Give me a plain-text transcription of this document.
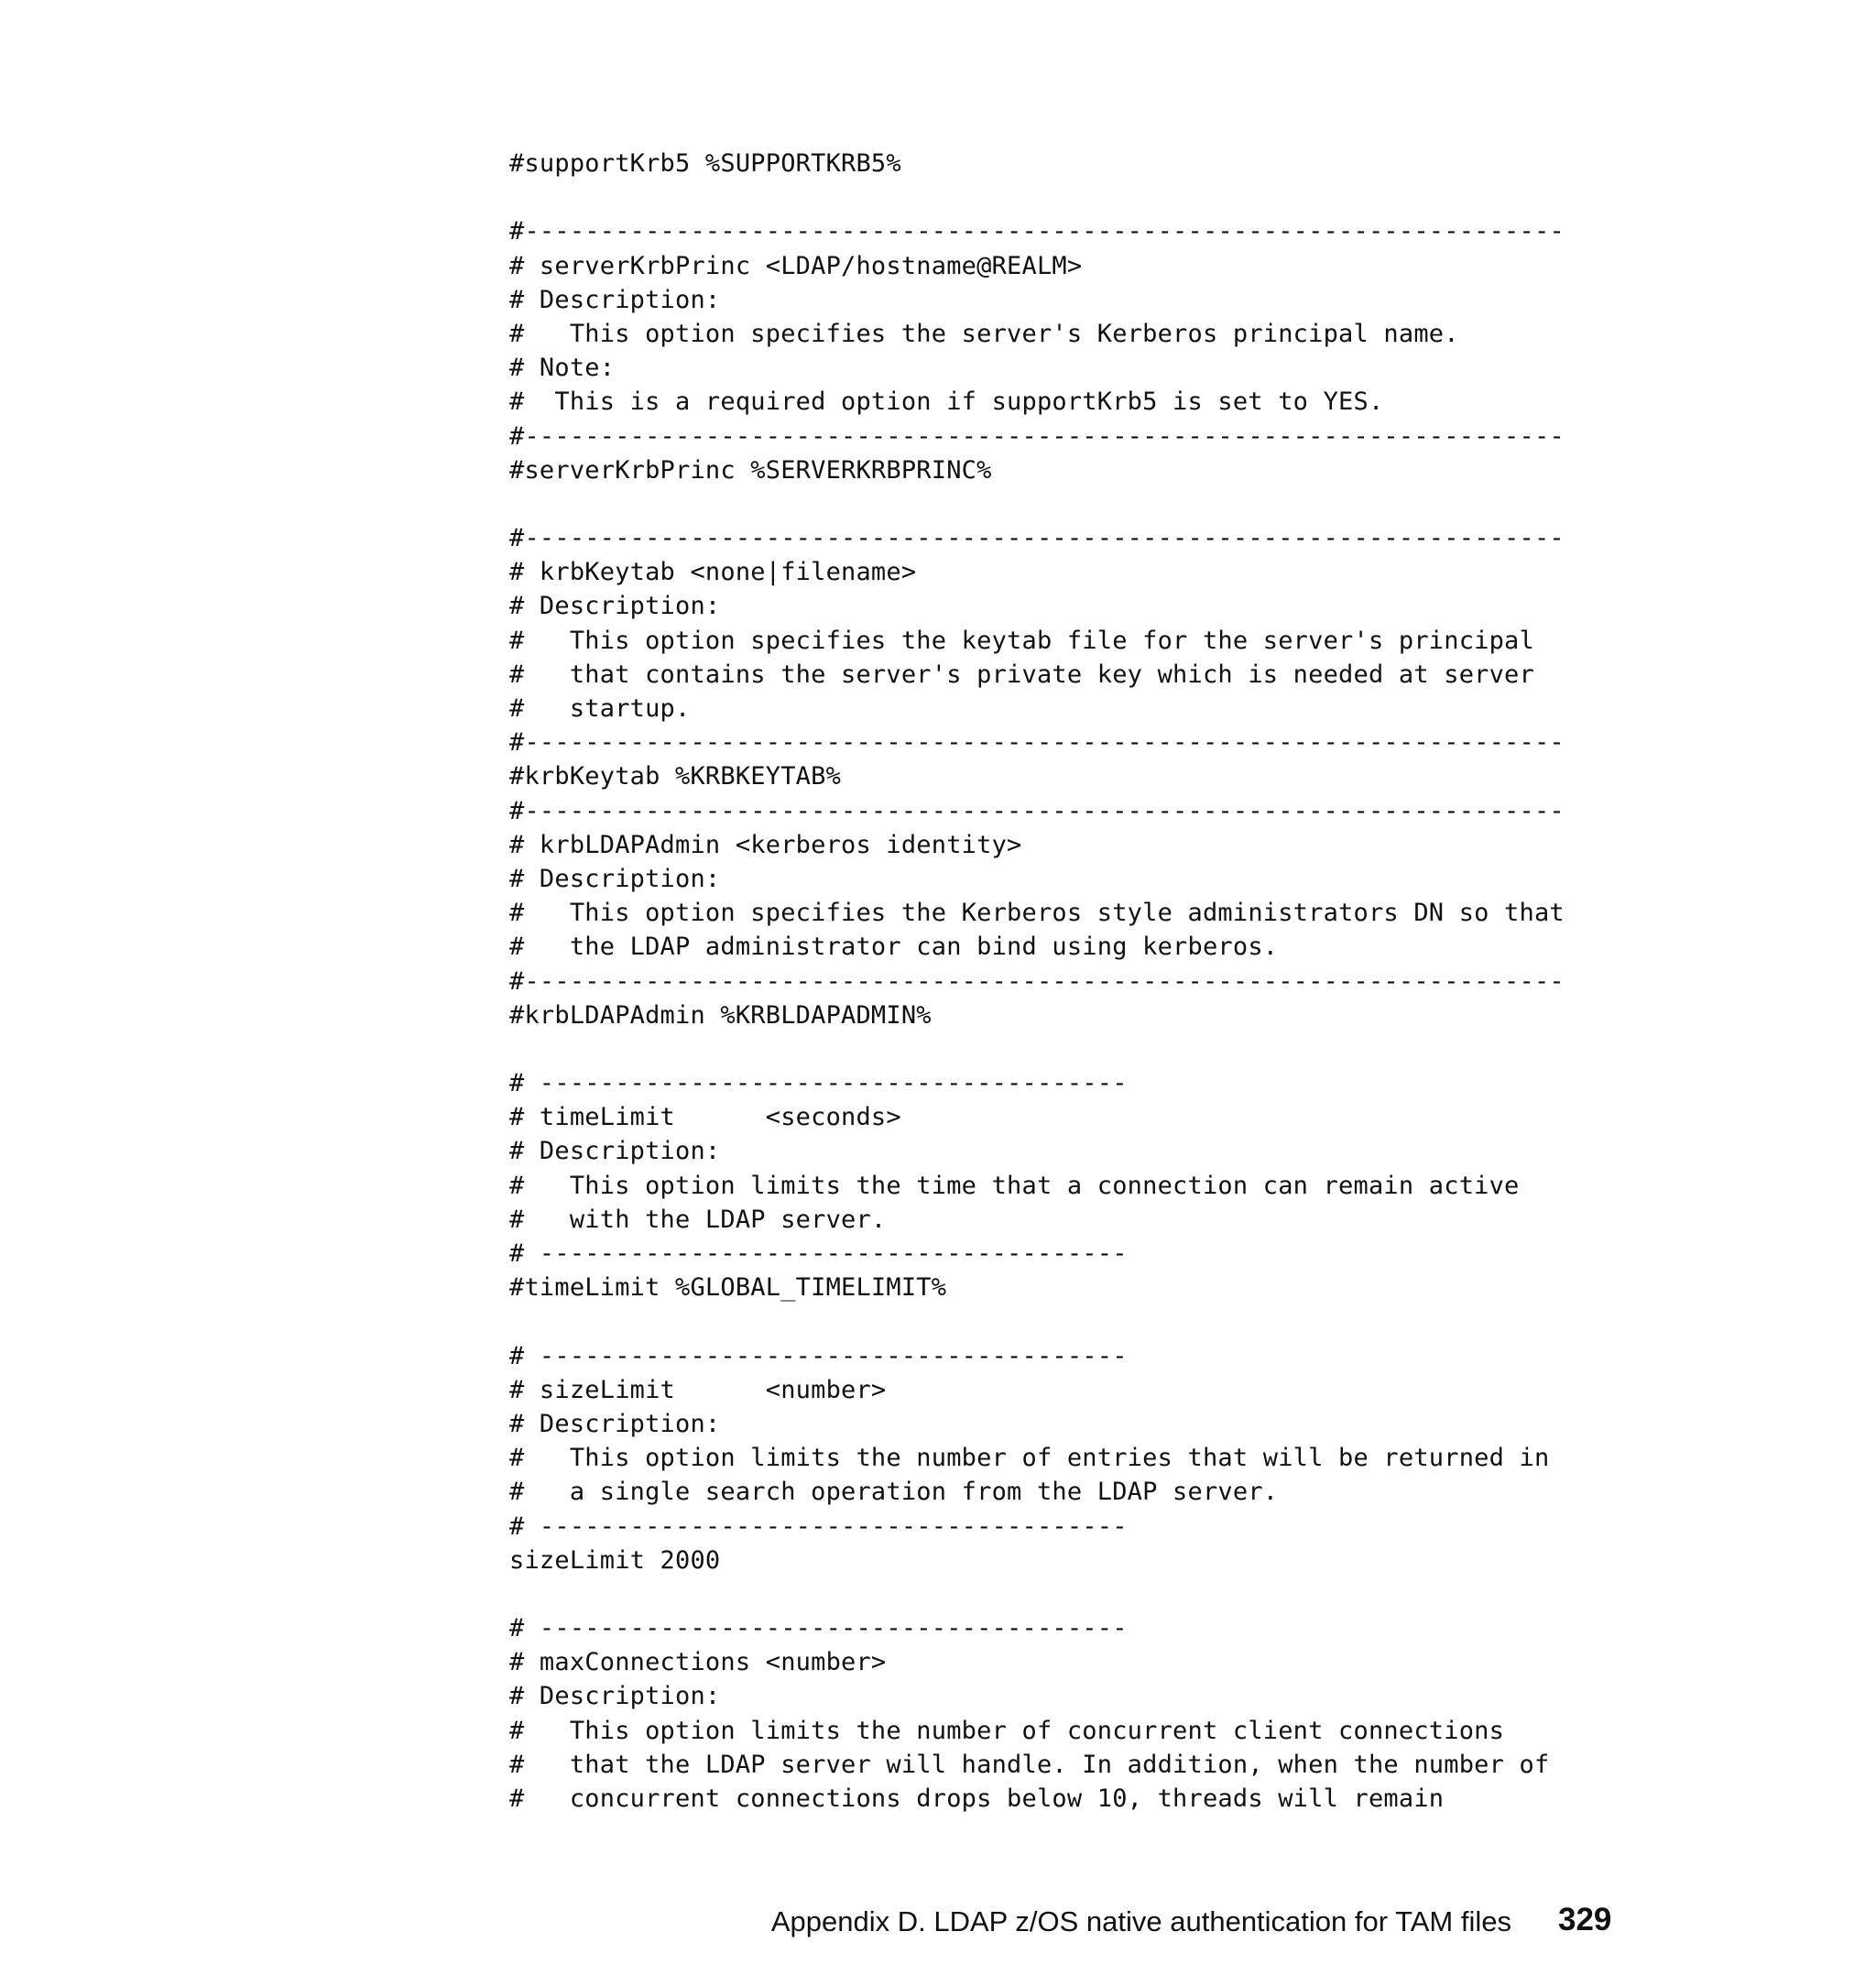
#supportKrb5 %SUPPORTKRB5%
#---------------------------------------------------------------------
# serverKrbPrinc <LDAP/hostname@REALM>
# Description:
#   This option specifies the server's Kerberos principal name.
# Note:
#  This is a required option if supportKrb5 is set to YES.
#---------------------------------------------------------------------
#serverKrbPrinc %SERVERKRBPRINC%
#---------------------------------------------------------------------
# krbKeytab <none|filename>
# Description:
#   This option specifies the keytab file for the server's principal
#   that contains the server's private key which is needed at server
#   startup.
#---------------------------------------------------------------------
#krbKeytab %KRBKEYTAB%
#---------------------------------------------------------------------
# krbLDAPAdmin <kerberos identity>
# Description:
#   This option specifies the Kerberos style administrators DN so that
#   the LDAP administrator can bind using kerberos.
#---------------------------------------------------------------------
#krbLDAPAdmin %KRBLDAPADMIN%
# ---------------------------------------
# timeLimit      <seconds>
# Description:
#   This option limits the time that a connection can remain active
#   with the LDAP server.
# ---------------------------------------
#timeLimit %GLOBAL_TIMELIMIT%
# ---------------------------------------
# sizeLimit      <number>
# Description:
#   This option limits the number of entries that will be returned in
#   a single search operation from the LDAP server.
# ---------------------------------------
sizeLimit 2000
# ---------------------------------------
# maxConnections <number>
# Description:
#   This option limits the number of concurrent client connections
#   that the LDAP server will handle. In addition, when the number of
#   concurrent connections drops below 10, threads will remain
Appendix D. LDAP z/OS native authentication for TAM files 329
